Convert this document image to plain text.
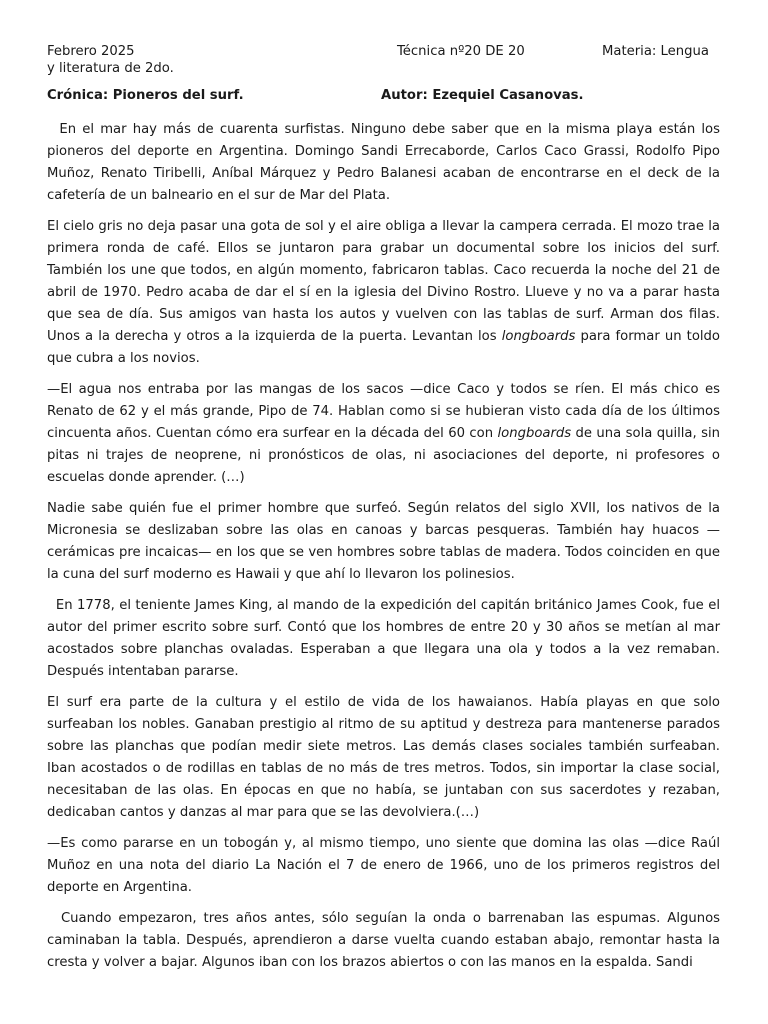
Febrero 2025	Técnica nº20 DE 20	Materia: Lengua
y literatura de 2do.
Crónica: Pioneros del surf.	Autor: Ezequiel Casanovas.

En el mar hay más de cuarenta surfistas. Ninguno debe saber que en la misma playa están los pioneros del deporte en Argentina. Domingo Sandi Errecaborde, Carlos Caco Grassi, Rodolfo Pipo Muñoz, Renato Tiribelli, Aníbal Márquez y Pedro Balanesi acaban de encontrarse en el deck de la cafetería de un balneario en el sur de Mar del Plata.

El cielo gris no deja pasar una gota de sol y el aire obliga a llevar la campera cerrada. El mozo trae la primera ronda de café. Ellos se juntaron para grabar un documental sobre los inicios del surf. También los une que todos, en algún momento, fabricaron tablas. Caco recuerda la noche del 21 de abril de 1970. Pedro acaba de dar el sí en la iglesia del Divino Rostro. Llueve y no va a parar hasta que sea de día. Sus amigos van hasta los autos y vuelven con las tablas de surf. Arman dos filas. Unos a la derecha y otros a la izquierda de la puerta. Levantan los longboards para formar un toldo que cubra a los novios.

—El agua nos entraba por las mangas de los sacos —dice Caco y todos se ríen. El más chico es Renato de 62 y el más grande, Pipo de 74. Hablan como si se hubieran visto cada día de los últimos cincuenta años. Cuentan cómo era surfear en la década del 60 con longboards de una sola quilla, sin pitas ni trajes de neoprene, ni pronósticos de olas, ni asociaciones del deporte, ni profesores o escuelas donde aprender. (…)

Nadie sabe quién fue el primer hombre que surfeó. Según relatos del siglo XVII, los nativos de la Micronesia se deslizaban sobre las olas en canoas y barcas pesqueras. También hay huacos —cerámicas pre incaicas— en los que se ven hombres sobre tablas de madera. Todos coinciden en que la cuna del surf moderno es Hawaii y que ahí lo llevaron los polinesios.

En 1778, el teniente James King, al mando de la expedición del capitán británico James Cook, fue el autor del primer escrito sobre surf. Contó que los hombres de entre 20 y 30 años se metían al mar acostados sobre planchas ovaladas. Esperaban a que llegara una ola y todos a la vez remaban. Después intentaban pararse.

El surf era parte de la cultura y el estilo de vida de los hawaianos. Había playas en que solo surfeaban los nobles. Ganaban prestigio al ritmo de su aptitud y destreza para mantenerse parados sobre las planchas que podían medir siete metros. Las demás clases sociales también surfeaban. Iban acostados o de rodillas en tablas de no más de tres metros. Todos, sin importar la clase social, necesitaban de las olas. En épocas en que no había, se juntaban con sus sacerdotes y rezaban, dedicaban cantos y danzas al mar para que se las devolviera.(…)

—Es como pararse en un tobogán y, al mismo tiempo, uno siente que domina las olas —dice Raúl Muñoz en una nota del diario La Nación el 7 de enero de 1966, uno de los primeros registros del deporte en Argentina.

Cuando empezaron, tres años antes, sólo seguían la onda o barrenaban las espumas. Algunos caminaban la tabla. Después, aprendieron a darse vuelta cuando estaban abajo, remontar hasta la cresta y volver a bajar. Algunos iban con los brazos abiertos o con las manos en la espalda. Sandi
